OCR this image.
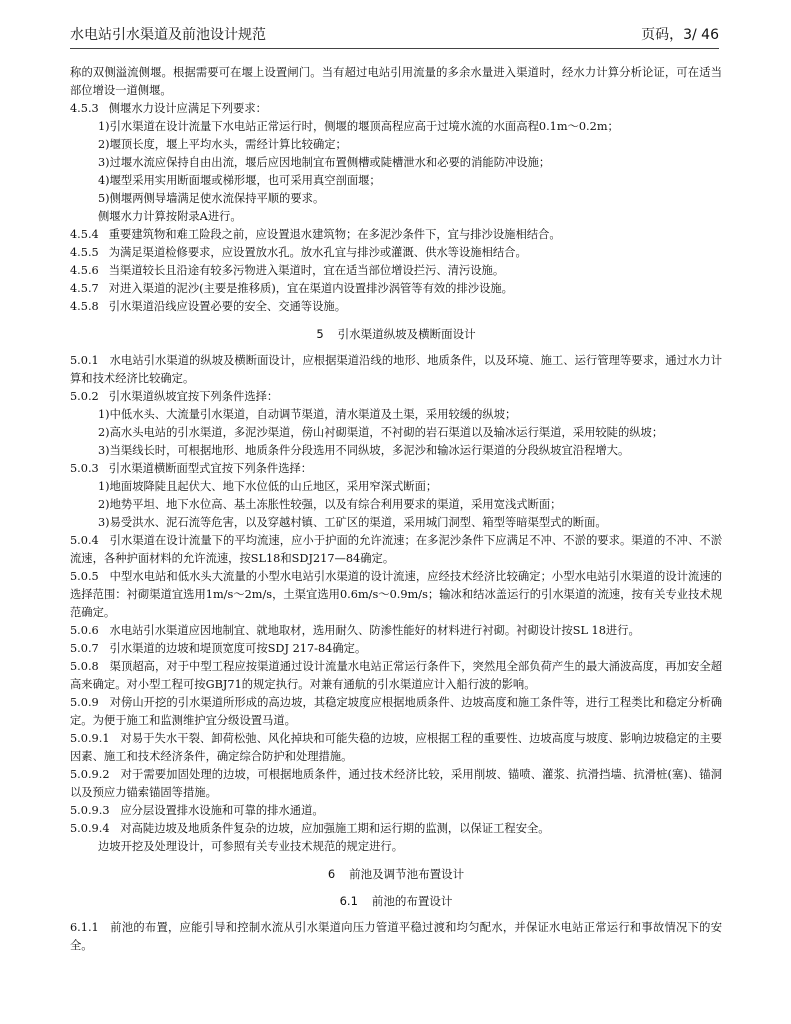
水电站引水渠道及前池设计规范	页码，3/ 46

称的双侧溢流侧堰。根据需要可在堰上设置闸门。当有超过电站引用流量的多余水量进入渠道时，经水力计算分析论证，可在适当部位增设一道侧堰。

4.5.3 侧堰水力设计应满足下列要求：

1)引水渠道在设计流量下水电站正常运行时，侧堰的堰顶高程应高于过境水流的水面高程0.1m～0.2m；

2)堰顶长度，堰上平均水头，需经计算比较确定；

3)过堰水流应保持自由出流，堰后应因地制宜布置侧槽或陡槽泄水和必要的消能防冲设施；

4)堰型采用实用断面堰或梯形堰，也可采用真空剖面堰；

5)侧堰两侧导墙满足使水流保持平顺的要求。

侧堰水力计算按附录A进行。

4.5.4 重要建筑物和难工险段之前，应设置退水建筑物；在多泥沙条件下，宜与排沙设施相结合。
4.5.5 为满足渠道检修要求，应设置放水孔。放水孔宜与排沙或灌溉、供水等设施相结合。
4.5.6 当渠道较长且沿途有较多污物进入渠道时，宜在适当部位增设拦污、清污设施。
4.5.7 对进入渠道的泥沙(主要是推移质)，宜在渠道内设置排沙涡管等有效的排沙设施。
4.5.8 引水渠道沿线应设置必要的安全、交通等设施。
5 引水渠道纵坡及横断面设计

5.0.1 水电站引水渠道的纵坡及横断面设计，应根据渠道沿线的地形、地质条件，以及环境、施工、运行管理等要求，通过水力计算和技术经济比较确定。

5.0.2 引水渠道纵坡宜按下列条件选择：

1)中低水头、大流量引水渠道，自动调节渠道，清水渠道及土渠，采用较缓的纵坡；

2)高水头电站的引水渠道，多泥沙渠道，傍山衬砌渠道，不衬砌的岩石渠道以及输冰运行渠道，采用较陡的纵坡；

3)当渠线长时，可根据地形、地质条件分段选用不同纵坡，多泥沙和输冰运行渠道的分段纵坡宜沿程增大。

5.0.3 引水渠道横断面型式宜按下列条件选择：

1)地面坡降陡且起伏大、地下水位低的山丘地区，采用窄深式断面；

2)地势平坦、地下水位高、基土冻胀性较强，以及有综合利用要求的渠道，采用宽浅式断面；

3)易受洪水、泥石流等危害，以及穿越村镇、工矿区的渠道，采用城门洞型、箱型等暗渠型式的断面。

5.0.4 引水渠道在设计流量下的平均流速，应小于护面的允许流速；在多泥沙条件下应满足不冲、不淤的要求。渠道的不冲、不淤流速，各种护面材料的允许流速，按SL18和SDJ217—84确定。

5.0.5 中型水电站和低水头大流量的小型水电站引水渠道的设计流速，应经技术经济比较确定；小型水电站引水渠道的设计流速的选择范围：衬砌渠道宜选用1m/s～2m/s，土渠宜选用0.6m/s～0.9m/s；输冰和结冰盖运行的引水渠道的流速，按有关专业技术规范确定。

5.0.6 水电站引水渠道应因地制宜、就地取材，选用耐久、防渗性能好的材料进行衬砌。衬砌设计按SL 18进行。

5.0.7 引水渠道的边坡和堤顶宽度可按SDJ 217-84确定。

5.0.8 渠顶超高，对于中型工程应按渠道通过设计流量水电站正常运行条件下，突然甩全部负荷产生的最大涌波高度，再加安全超高来确定。对小型工程可按GBJ71的规定执行。对兼有通航的引水渠道应计入船行波的影响。

5.0.9 对傍山开挖的引水渠道所形成的高边坡，其稳定坡度应根据地质条件、边坡高度和施工条件等，进行工程类比和稳定分析确定。为便于施工和监测维护宜分级设置马道。

5.0.9.1 对易于失水干裂、卸荷松弛、风化掉块和可能失稳的边坡，应根据工程的重要性、边坡高度与坡度、影响边坡稳定的主要因素、施工和技术经济条件，确定综合防护和处理措施。

5.0.9.2 对于需要加固处理的边坡，可根据地质条件，通过技术经济比较，采用削坡、锚喷、灌浆、抗滑挡墙、抗滑桩(塞)、锚洞以及预应力锚索锚固等措施。

5.0.9.3 应分层设置排水设施和可靠的排水通道。

5.0.9.4 对高陡边坡及地质条件复杂的边坡，应加强施工期和运行期的监测，以保证工程安全。

边坡开挖及处理设计，可参照有关专业技术规范的规定进行。

6 前池及调节池布置设计
6.1 前池的布置设计

6.1.1 前池的布置，应能引导和控制水流从引水渠道向压力管道平稳过渡和均匀配水，并保证水电站正常运行和事故情况下的安全。
